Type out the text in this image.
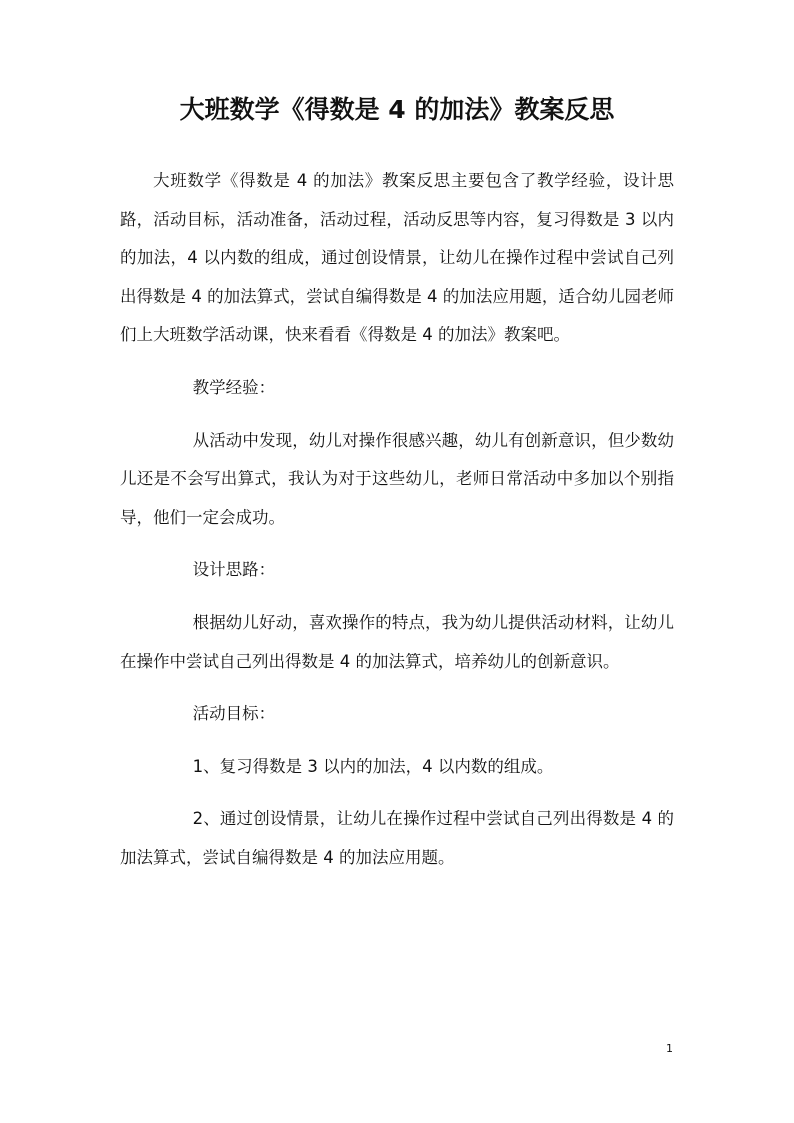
大班数学《得数是 4 的加法》教案反思

大班数学《得数是 4 的加法》教案反思主要包含了教学经验，设计思路，活动目标，活动准备，活动过程，活动反思等内容，复习得数是 3 以内的加法，4 以内数的组成，通过创设情景，让幼儿在操作过程中尝试自己列出得数是 4 的加法算式，尝试自编得数是 4 的加法应用题，适合幼儿园老师们上大班数学活动课，快来看看《得数是 4 的加法》教案吧。

教学经验：

从活动中发现，幼儿对操作很感兴趣，幼儿有创新意识，但少数幼儿还是不会写出算式，我认为对于这些幼儿，老师日常活动中多加以个别指导，他们一定会成功。

设计思路：

根据幼儿好动，喜欢操作的特点，我为幼儿提供活动材料，让幼儿在操作中尝试自己列出得数是 4 的加法算式，培养幼儿的创新意识。

活动目标：

1、复习得数是 3 以内的加法，4 以内数的组成。

2、通过创设情景，让幼儿在操作过程中尝试自己列出得数是 4 的加法算式，尝试自编得数是 4 的加法应用题。

1
